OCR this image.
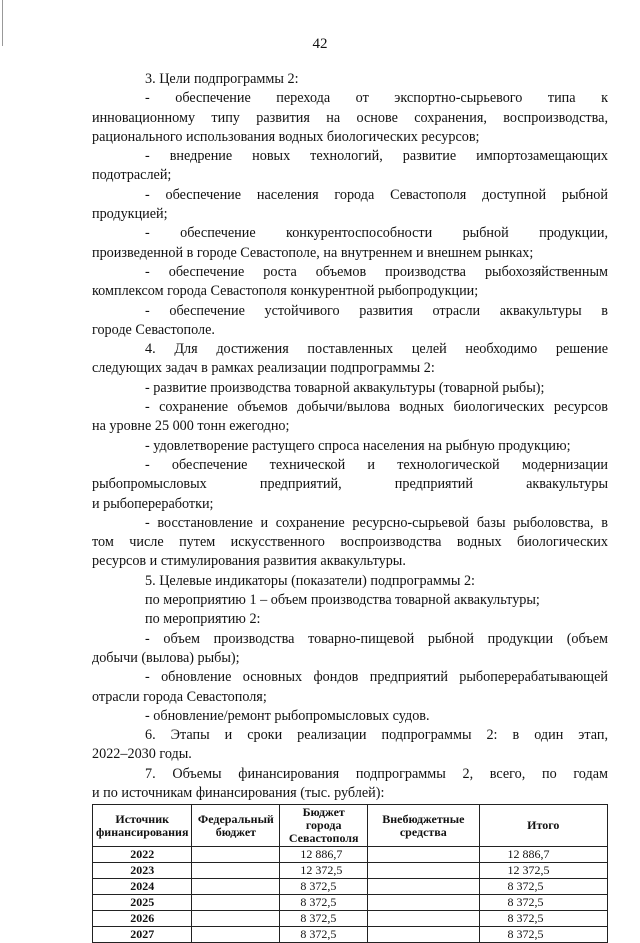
42

3. Цели подпрограммы 2:

- обеспечение перехода от экспортно-сырьевого типа к

инновационному типу развития на основе сохранения, воспроизводства,

рационального использования водных биологических ресурсов;

- внедрение новых технологий, развитие импортозамещающих

подотраслей;

- обеспечение населения города Севастополя доступной рыбной

продукцией;

- обеспечение конкурентоспособности рыбной продукции,

произведенной в городе Севастополе, на внутреннем и внешнем рынках;

- обеспечение роста объемов производства рыбохозяйственным

комплексом города Севастополя конкурентной рыбопродукции;

- обеспечение устойчивого развития отрасли аквакультуры в

городе Севастополе.

4. Для достижения поставленных целей необходимо решение

следующих задач в рамках реализации подпрограммы 2:

- развитие производства товарной аквакультуры (товарной рыбы);

- сохранение объемов добычи/вылова водных биологических ресурсов

на уровне 25 000 тонн ежегодно;

- удовлетворение растущего спроса населения на рыбную продукцию;

- обеспечение технической и технологической модернизации

рыбопромысловых предприятий, предприятий аквакультуры

и рыбопереработки;

- восстановление и сохранение ресурсно-сырьевой базы рыболовства, в

том числе путем искусственного воспроизводства водных биологических

ресурсов и стимулирования развития аквакультуры.

5. Целевые индикаторы (показатели) подпрограммы 2:

по мероприятию 1 – объем производства товарной аквакультуры;

по мероприятию 2:

- объем производства товарно-пищевой рыбной продукции (объем

добычи (вылова) рыбы);

- обновление основных фондов предприятий рыбоперерабатывающей

отрасли города Севастополя;

- обновление/ремонт рыбопромысловых судов.

6. Этапы и сроки реализации подпрограммы 2: в один этап,

2022–2030 годы.

7. Объемы финансирования подпрограммы 2, всего, по годам

и по источникам финансирования (тыс. рублей):

Источник финансирования	Федеральный бюджет	Бюджет города Севастополя	Внебюджетные средства	Итого
2022		12 886,7		12 886,7
2023		12 372,5		12 372,5
2024		8 372,5		8 372,5
2025		8 372,5		8 372,5
2026		8 372,5		8 372,5
2027		8 372,5		8 372,5
